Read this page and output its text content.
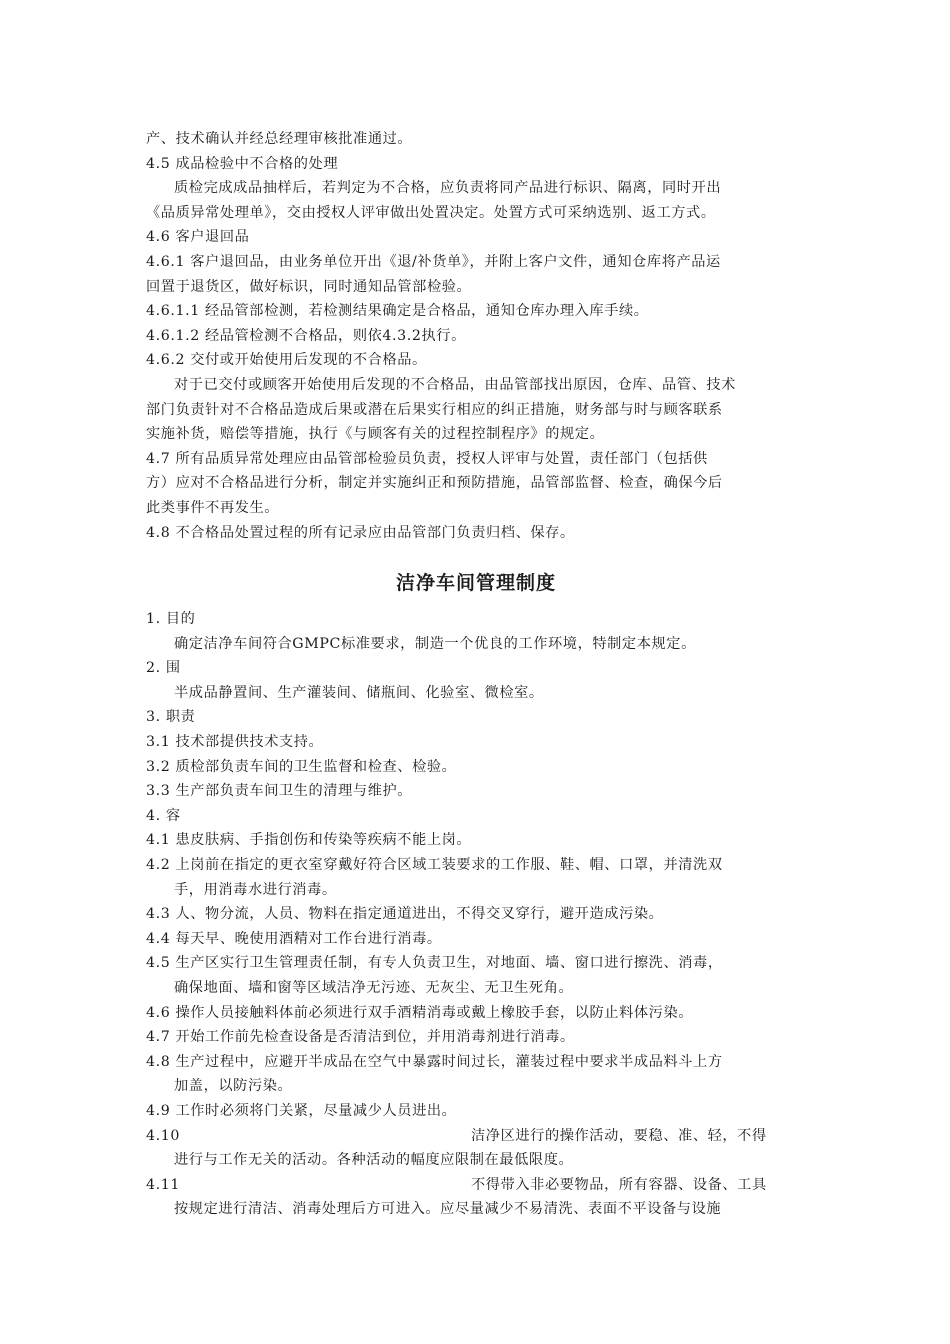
产、技术确认并经总经理审核批准通过。
4.5 成品检验中不合格的处理
质检完成成品抽样后，若判定为不合格，应负责将同产品进行标识、隔离，同时开出
《品质异常处理单》，交由授权人评审做出处置决定。处置方式可采纳选别、返工方式。
4.6 客户退回品
4.6.1 客户退回品，由业务单位开出《退/补货单》，并附上客户文件，通知仓库将产品运
回置于退货区，做好标识，同时通知品管部检验。
4.6.1.1 经品管部检测，若检测结果确定是合格品，通知仓库办理入库手续。
4.6.1.2 经品管检测不合格品，则依4.3.2执行。
4.6.2 交付或开始使用后发现的不合格品。
对于已交付或顾客开始使用后发现的不合格品，由品管部找出原因，仓库、品管、技术
部门负责针对不合格品造成后果或潜在后果实行相应的纠正措施，财务部与时与顾客联系
实施补货，赔偿等措施，执行《与顾客有关的过程控制程序》的规定。
4.7 所有品质异常处理应由品管部检验员负责，授权人评审与处置，责任部门（包括供
方）应对不合格品进行分析，制定并实施纠正和预防措施，品管部监督、检查，确保今后
此类事件不再发生。
4.8 不合格品处置过程的所有记录应由品管部门负责归档、保存。
洁净车间管理制度
1. 目的
确定洁净车间符合GMPC标准要求，制造一个优良的工作环境，特制定本规定。
2. 围
半成品静置间、生产灌装间、储瓶间、化验室、微检室。
3. 职责
3.1 技术部提供技术支持。
3.2 质检部负责车间的卫生监督和检查、检验。
3.3 生产部负责车间卫生的清理与维护。
4. 容
4.1 患皮肤病、手指创伤和传染等疾病不能上岗。
4.2 上岗前在指定的更衣室穿戴好符合区域工装要求的工作服、鞋、帽、口罩，并清洗双
手，用消毒水进行消毒。
4.3 人、物分流，人员、物料在指定通道进出，不得交叉穿行，避开造成污染。
4.4 每天早、晚使用酒精对工作台进行消毒。
4.5 生产区实行卫生管理责任制，有专人负责卫生，对地面、墙、窗口进行擦洗、消毒，
确保地面、墙和窗等区域洁净无污迹、无灰尘、无卫生死角。
4.6 操作人员接触料体前必须进行双手酒精消毒或戴上橡胶手套，以防止料体污染。
4.7 开始工作前先检查设备是否清洁到位，并用消毒剂进行消毒。
4.8 生产过程中，应避开半成品在空气中暴露时间过长，灌装过程中要求半成品料斗上方
加盖，以防污染。
4.9 工作时必须将门关紧，尽量减少人员进出。
4.10	洁净区进行的操作活动，要稳、准、轻，不得
进行与工作无关的活动。各种活动的幅度应限制在最低限度。
4.11	不得带入非必要物品，所有容器、设备、工具
按规定进行清洁、消毒处理后方可进入。应尽量减少不易清洗、表面不平设备与设施
